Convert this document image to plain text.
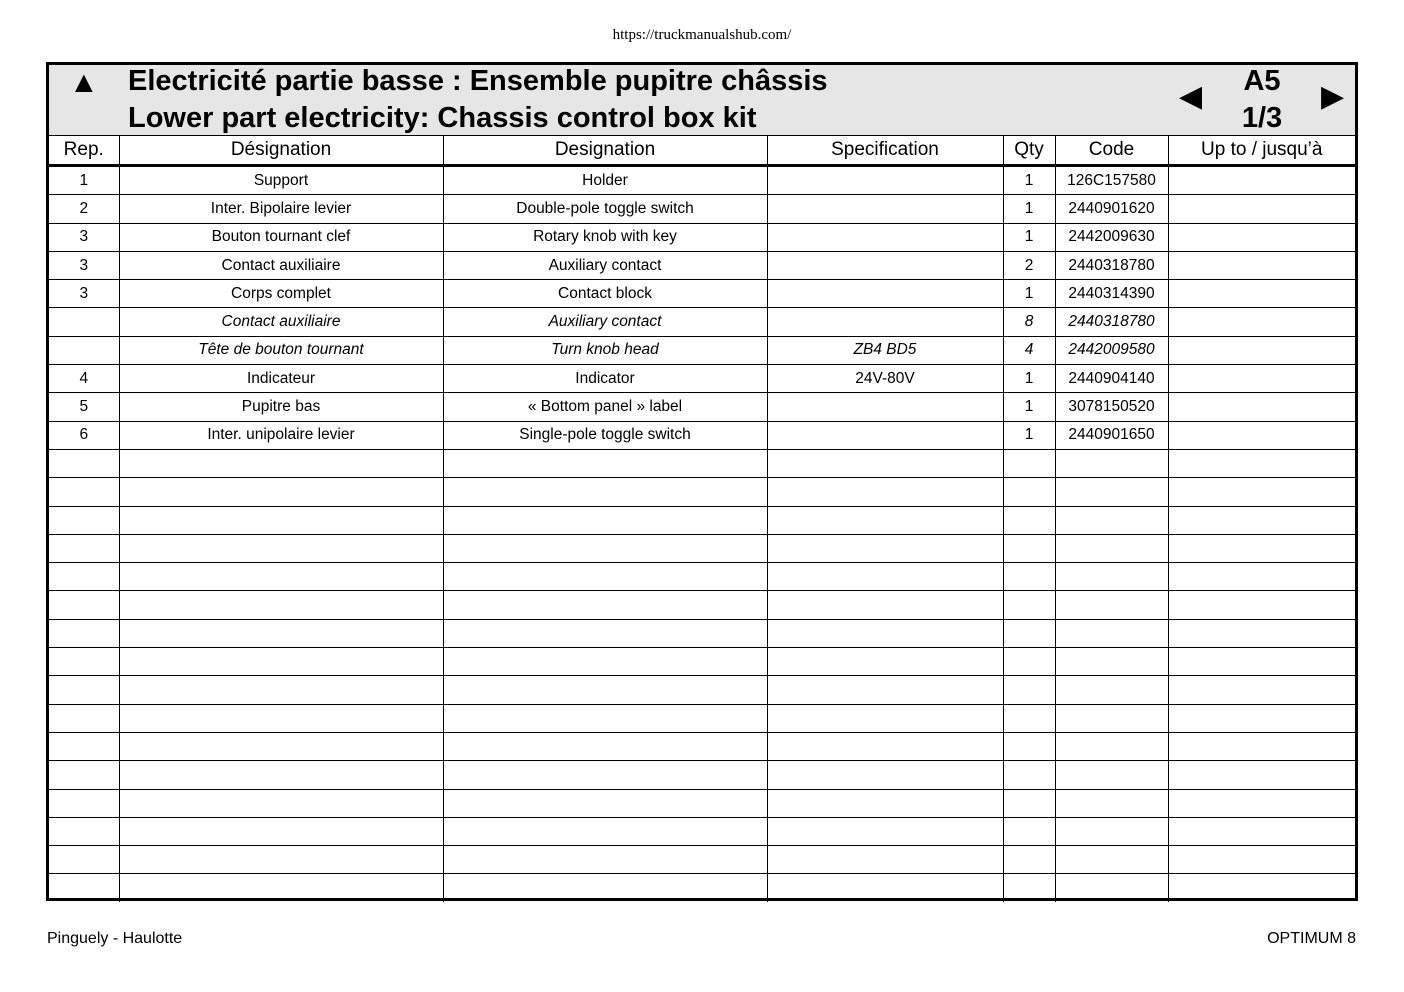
https://truckmanualshub.com/
▲ Electricité partie basse : Ensemble pupitre châssis
Lower part electricity: Chassis control box kit
◀	A5
1/3
▶
Rep.	Désignation	Designation	Specification	Qty	Code	Up to / jusqu’à
1	Support	Holder		1	126C157580	
2	Inter. Bipolaire levier	Double-pole toggle switch		1	2440901620	
3	Bouton tournant clef	Rotary knob with key		1	2442009630	
3	Contact auxiliaire	Auxiliary contact		2	2440318780	
3	Corps complet	Contact block		1	2440314390	
	Contact auxiliaire	Auxiliary contact		8	2440318780	
	Tête de bouton tournant	Turn knob head	ZB4 BD5	4	2442009580	
4	Indicateur	Indicator	24V-80V	1	2440904140	
5	Pupitre bas	« Bottom panel » label		1	3078150520	
6	Inter. unipolaire levier	Single-pole toggle switch		1	2440901650	

Pinguely - Haulotte	OPTIMUM 8
